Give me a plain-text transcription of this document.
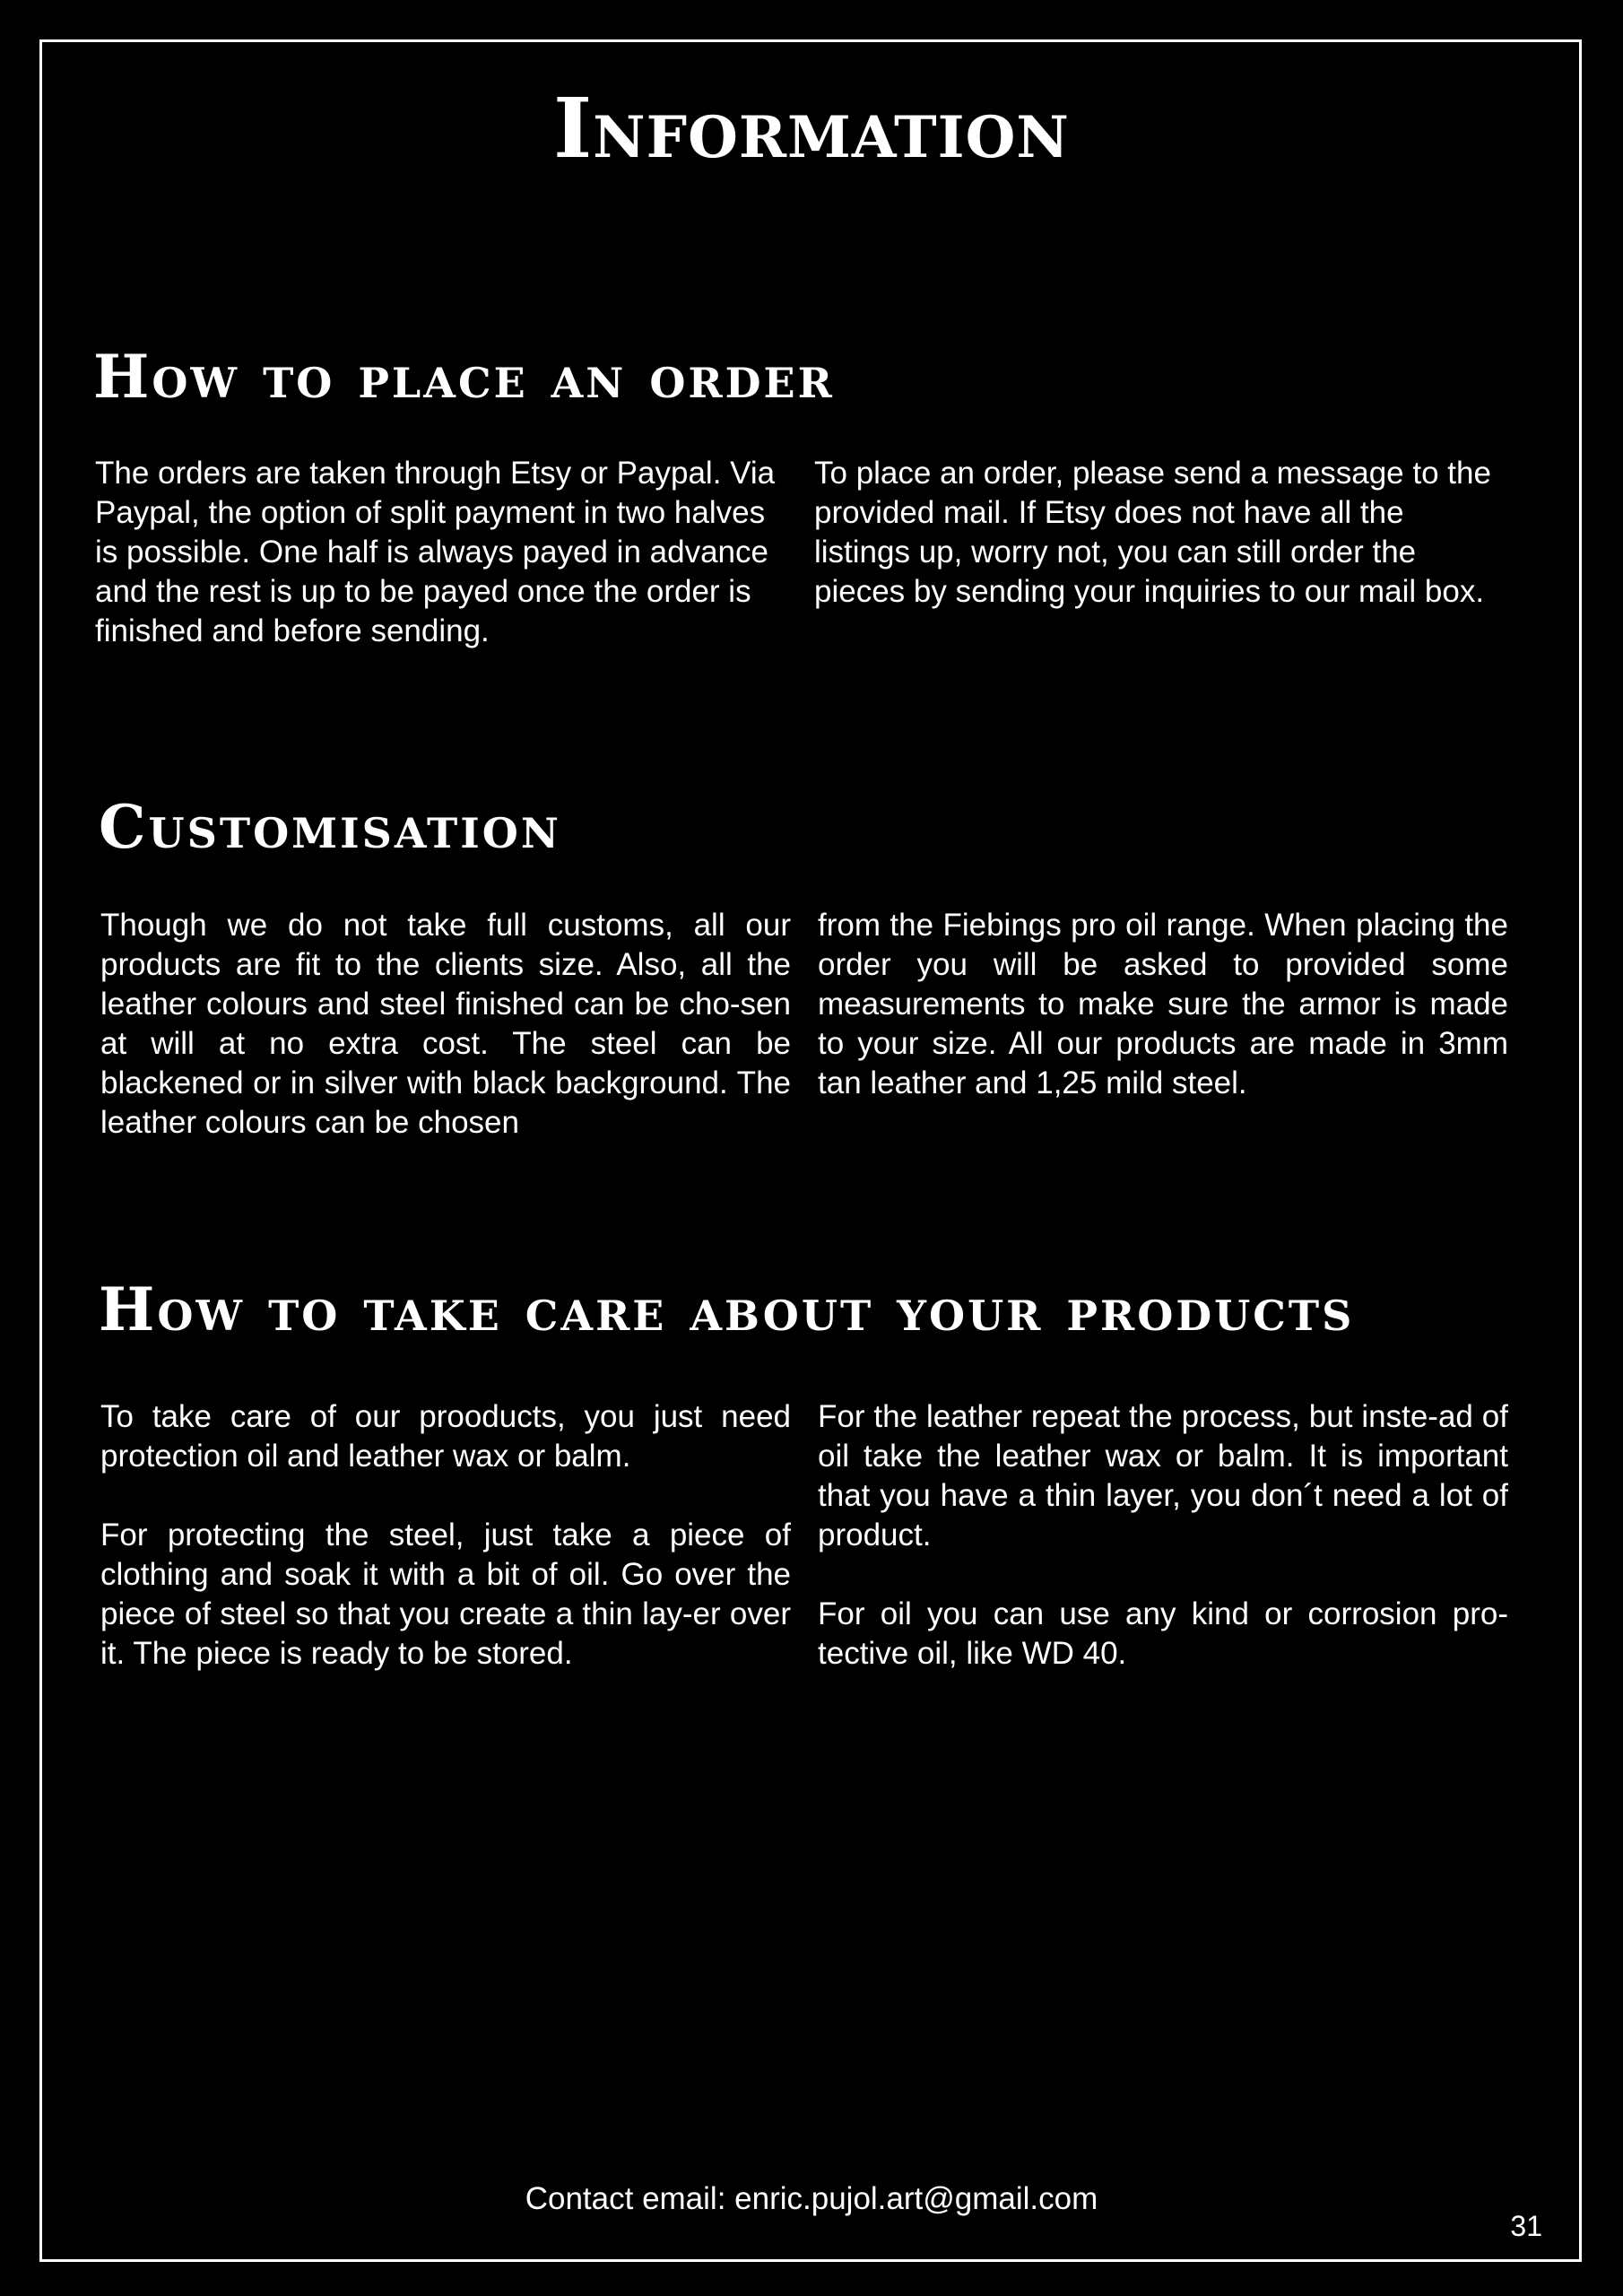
Information
How to place an order

The orders are taken through Etsy or Paypal. Via Paypal, the option of split payment in two halves is possible. One half is always payed in advance and the rest is up to be payed once the order is finished and before sending.

To place an order, please send a message to the provided mail. If Etsy does not have all the listings up, worry not, you can still order the pieces by sending your inquiries to our mail box.

Customisation

Though we do not take full customs, all our products are fit to the clients size. Also, all the leather colours and steel finished can be cho-sen at will at no extra cost. The steel can be blackened or in silver with black background. The leather colours can be chosen

from the Fiebings pro oil range. When placing the order you will be asked to provided some measurements to make sure the armor is made to your size. All our products are made in 3mm tan leather and 1,25 mild steel.

How to take care about your products

To take care of our prooducts, you just need protection oil and leather wax or balm.

For protecting the steel, just take a piece of clothing and soak it with a bit of oil. Go over the piece of steel so that you create a thin lay-er over it. The piece is ready to be stored.

For the leather repeat the process, but inste-ad of oil take the leather wax or balm. It is important that you have a thin layer, you don´t need a lot of product.

For oil you can use any kind or corrosion pro-tective oil, like WD 40.

Contact email: enric.pujol.art@gmail.com
31
